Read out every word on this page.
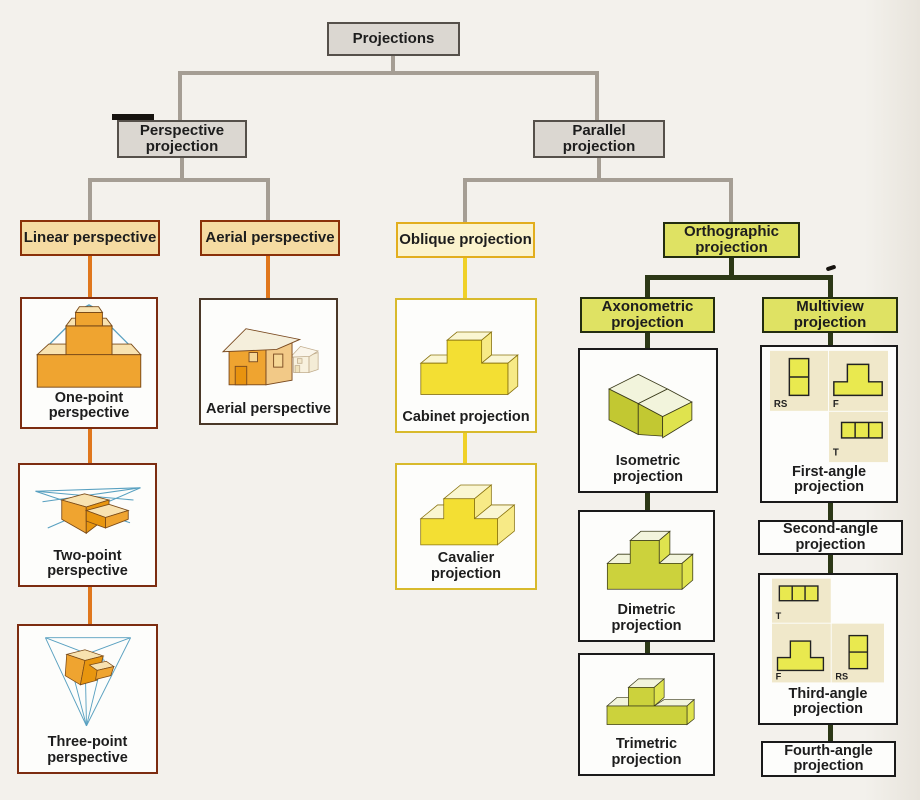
Projections
Perspective projection
Parallel projection
Linear perspective	Aerial perspective	Oblique projection	Orthographic projection
Axonometric projection
Multiview projection
One-point perspective
Two-point perspective
Three-point perspective
Aerial perspective	Cabinet projection
Cavalier projection
Isometric projection
Dimetric projection
Trimetric projection
RS	F
T
First-angle projection
Second-angle projection
T
F	RS
Third-angle projection
Fourth-angle projection
